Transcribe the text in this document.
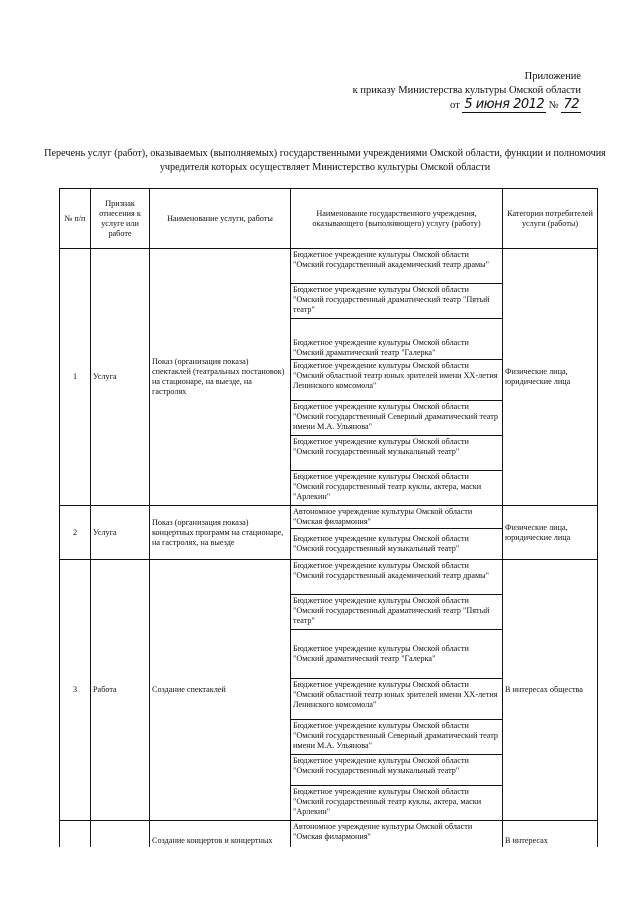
Приложение
к приказу Министерства культуры Омской области
от 5 июня 2012 № 72
Перечень услуг (работ), оказываемых (выполняемых) государственными учреждениями Омской области, функции и полномочия учредителя которых осуществляет Министерство культуры Омской области
№ п/п	Признак отнесения к услуге или работе	Наименование услуги, работы	Наименование государственного учреждения, оказывающего (выполняющего) услугу (работу)	Категории потребителей услуги (работы)
1	Услуга	Показ (организация показа) спектаклей (театральных постановок) на стационаре, на выезде, на гастролях	Бюджетное учреждение культуры Омской области "Омский государственный академический театр драмы"	Физические лица, юридические лица
			Бюджетное учреждение культуры Омской области "Омский государственный драматический театр "Пятый театр"	
			Бюджетное учреждение культуры Омской области "Омский драматический театр "Галерка"	
			Бюджетное учреждение культуры Омской области "Омский областной театр юных зрителей имени XX-летия Ленинского комсомола"	
			Бюджетное учреждение культуры Омской области "Омский государственный Северный драматический театр имени М.А. Ульянова"	
			Бюджетное учреждение культуры Омской области "Омский государственный музыкальный театр"	
			Бюджетное учреждение культуры Омской области "Омский государственный театр куклы, актера, маски "Арлекин"	
2	Услуга	Показ (организация показа) концертных программ на стационаре, на гастролях, на выезде	Автономное учреждение культуры Омской области "Омская филармония"	Физические лица, юридические лица
			Бюджетное учреждение культуры Омской области "Омский государственный музыкальный театр"	
3	Работа	Создание спектаклей	Бюджетное учреждение культуры Омской области "Омский государственный академический театр драмы"	В интересах общества
			Бюджетное учреждение культуры Омской области "Омский государственный драматический театр "Пятый театр"	
			Бюджетное учреждение культуры Омской области "Омский драматический театр "Галерка"	
			Бюджетное учреждение культуры Омской области "Омский областной театр юных зрителей имени XX-летия Ленинского комсомола"	
			Бюджетное учреждение культуры Омской области "Омский государственный Северный драматический театр имени М.А. Ульянова"	
			Бюджетное учреждение культуры Омской области "Омский государственный музыкальный театр"	
			Бюджетное учреждение культуры Омской области "Омский государственный театр куклы, актера, маски "Арлекин"	
		Создание концертов и концертных	Автономное учреждение культуры Омской области "Омская филармония"	В интересах
